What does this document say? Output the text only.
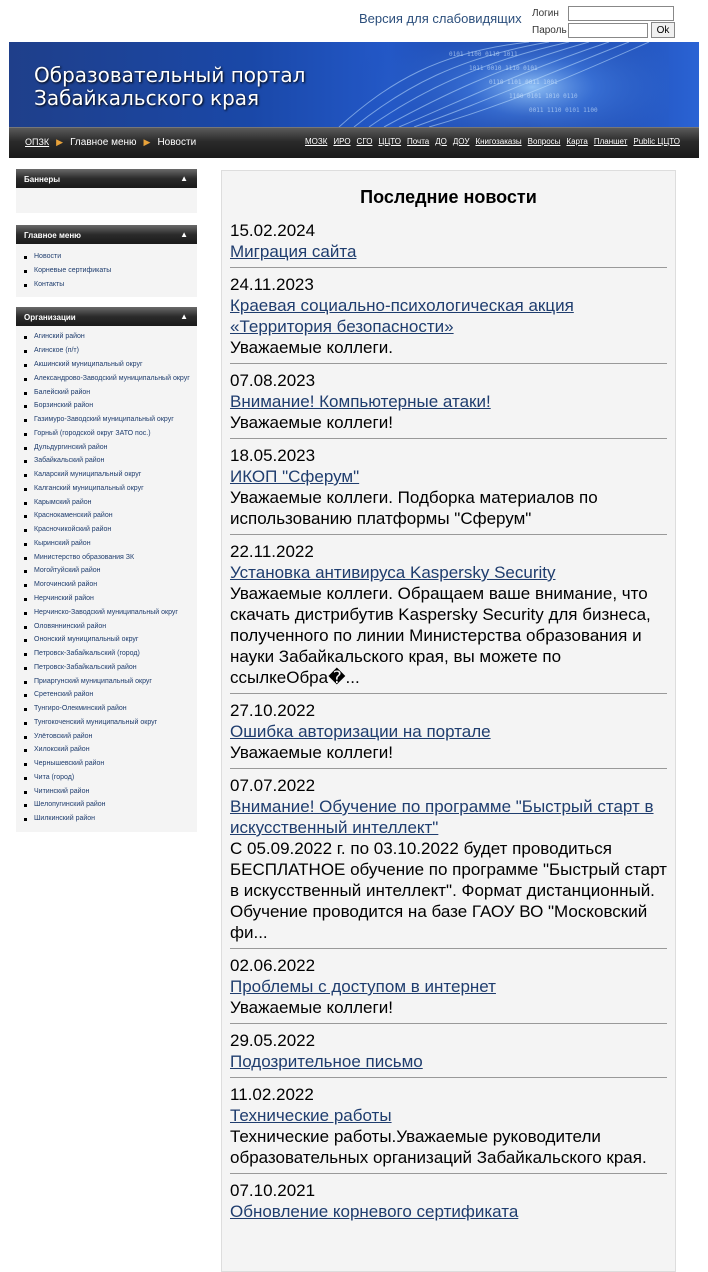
Версия для слабовидящих Логин
Пароль	Ok
0101 1100 0110 1011
1011 0010 1110 0101
0110 1101 0011 1001
1100 0101 1010 0110
0011 1110 0101 1100
Образовательный портал
Забайкальского края
ОПЗК ▶ Главное меню ▶ Новости	МОЗК ИРО СГО ЦЦТО Почта ДО ДОУ Книгозаказы Вопросы Карта Планшет Public ЦЦТО
Баннеры	▲
Главное меню	▲
Новости
Корневые сертификаты
Контакты
Организации	▲
Агинский район
Агинское (п/т)
Акшинский муниципальный округ
Александрово-Заводский муниципальный округ
Балейский район
Борзинский район
Газимуро-Заводский муниципальный округ
Горный (городской округ ЗАТО пос.)
Дульдургинский район
Забайкальский район
Каларский муниципальный округ
Калганский муниципальный округ
Карымский район
Краснокаменский район
Красночикойский район
Кыринский район
Министерство образования ЗК
Могойтуйский район
Могочинский район
Нерчинский район
Нерчинско-Заводский муниципальный округ
Оловяннинский район
Ононский муниципальный округ
Петровск-Забайкальский (город)
Петровск-Забайкальский район
Приаргунский муниципальный округ
Сретенский район
Тунгиро-Олекминский район
Тунгокоченский муниципальный округ
Улётовский район
Хилокский район
Чернышевский район
Чита (город)
Читинский район
Шелопугинский район
Шилкинский район
Последние новости
15.02.2024
Миграция сайта
24.11.2023
Краевая социально-психологическая акция «Территория безопасности»
Уважаемые коллеги.
07.08.2023
Внимание! Компьютерные атаки!
Уважаемые коллеги!
18.05.2023
ИКОП "Сферум"
Уважаемые коллеги. Подборка материалов по использованию платформы "Сферум"
22.11.2022
Установка антивируса Kaspersky Security
Уважаемые коллеги. Обращаем ваше внимание, что скачать дистрибутив Kaspersky Security для бизнеса, полученного по линии Министерства образования и науки Забайкальского края, вы можете по ссылкеОбра�...
27.10.2022
Ошибка авторизации на портале
Уважаемые коллеги!
07.07.2022
Внимание! Обучение по программе "Быстрый старт в искусственный интеллект"
С 05.09.2022 г. по 03.10.2022 будет проводиться БЕСПЛАТНОЕ обучение по программе "Быстрый старт в искусственный интеллект". Формат дистанционный. Обучение проводится на базе ГАОУ ВО "Московский фи...
02.06.2022
Проблемы с доступом в интернет
Уважаемые коллеги!
29.05.2022
Подозрительное письмо
11.02.2022
Технические работы
Технические работы.Уважаемые руководители образовательных организаций Забайкальского края.
07.10.2021
Обновление корневого сертификата
